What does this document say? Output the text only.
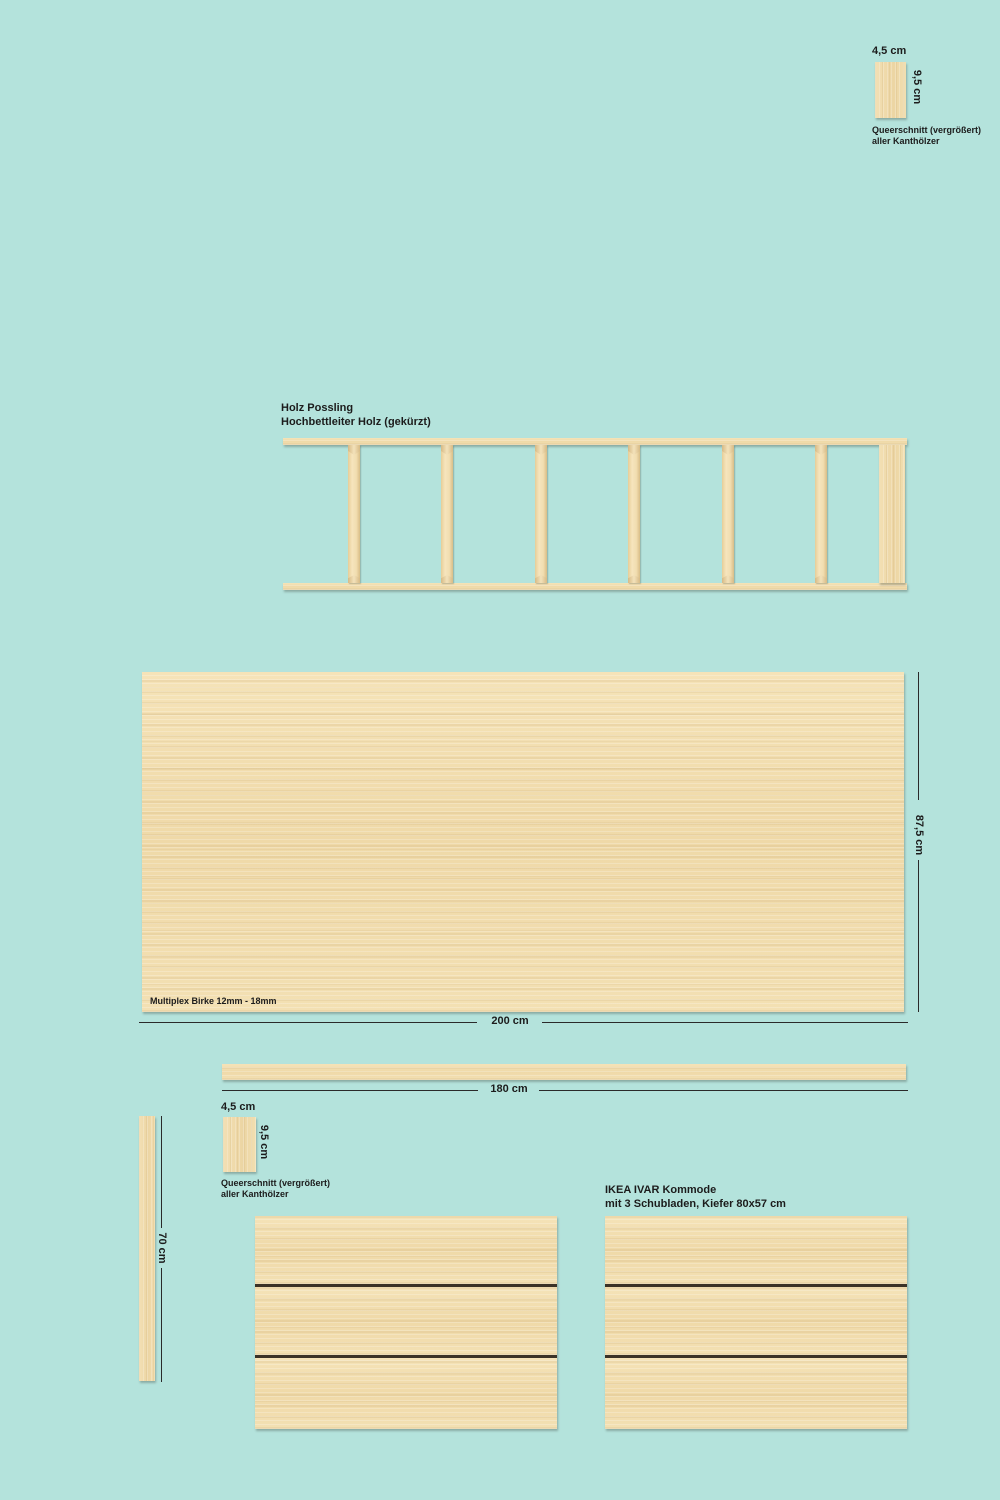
4,5 cm
9,5 cm
Queerschnitt (vergrößert)
aller Kanthölzer
Holz Possling
Hochbettleiter Holz (gekürzt)
Multiplex Birke 12mm - 18mm
87,5 cm
200 cm
180 cm
70 cm
4,5 cm
9,5 cm
Queerschnitt (vergrößert)
aller Kanthölzer	IKEA IVAR Kommode
mit 3 Schubladen, Kiefer 80x57 cm
